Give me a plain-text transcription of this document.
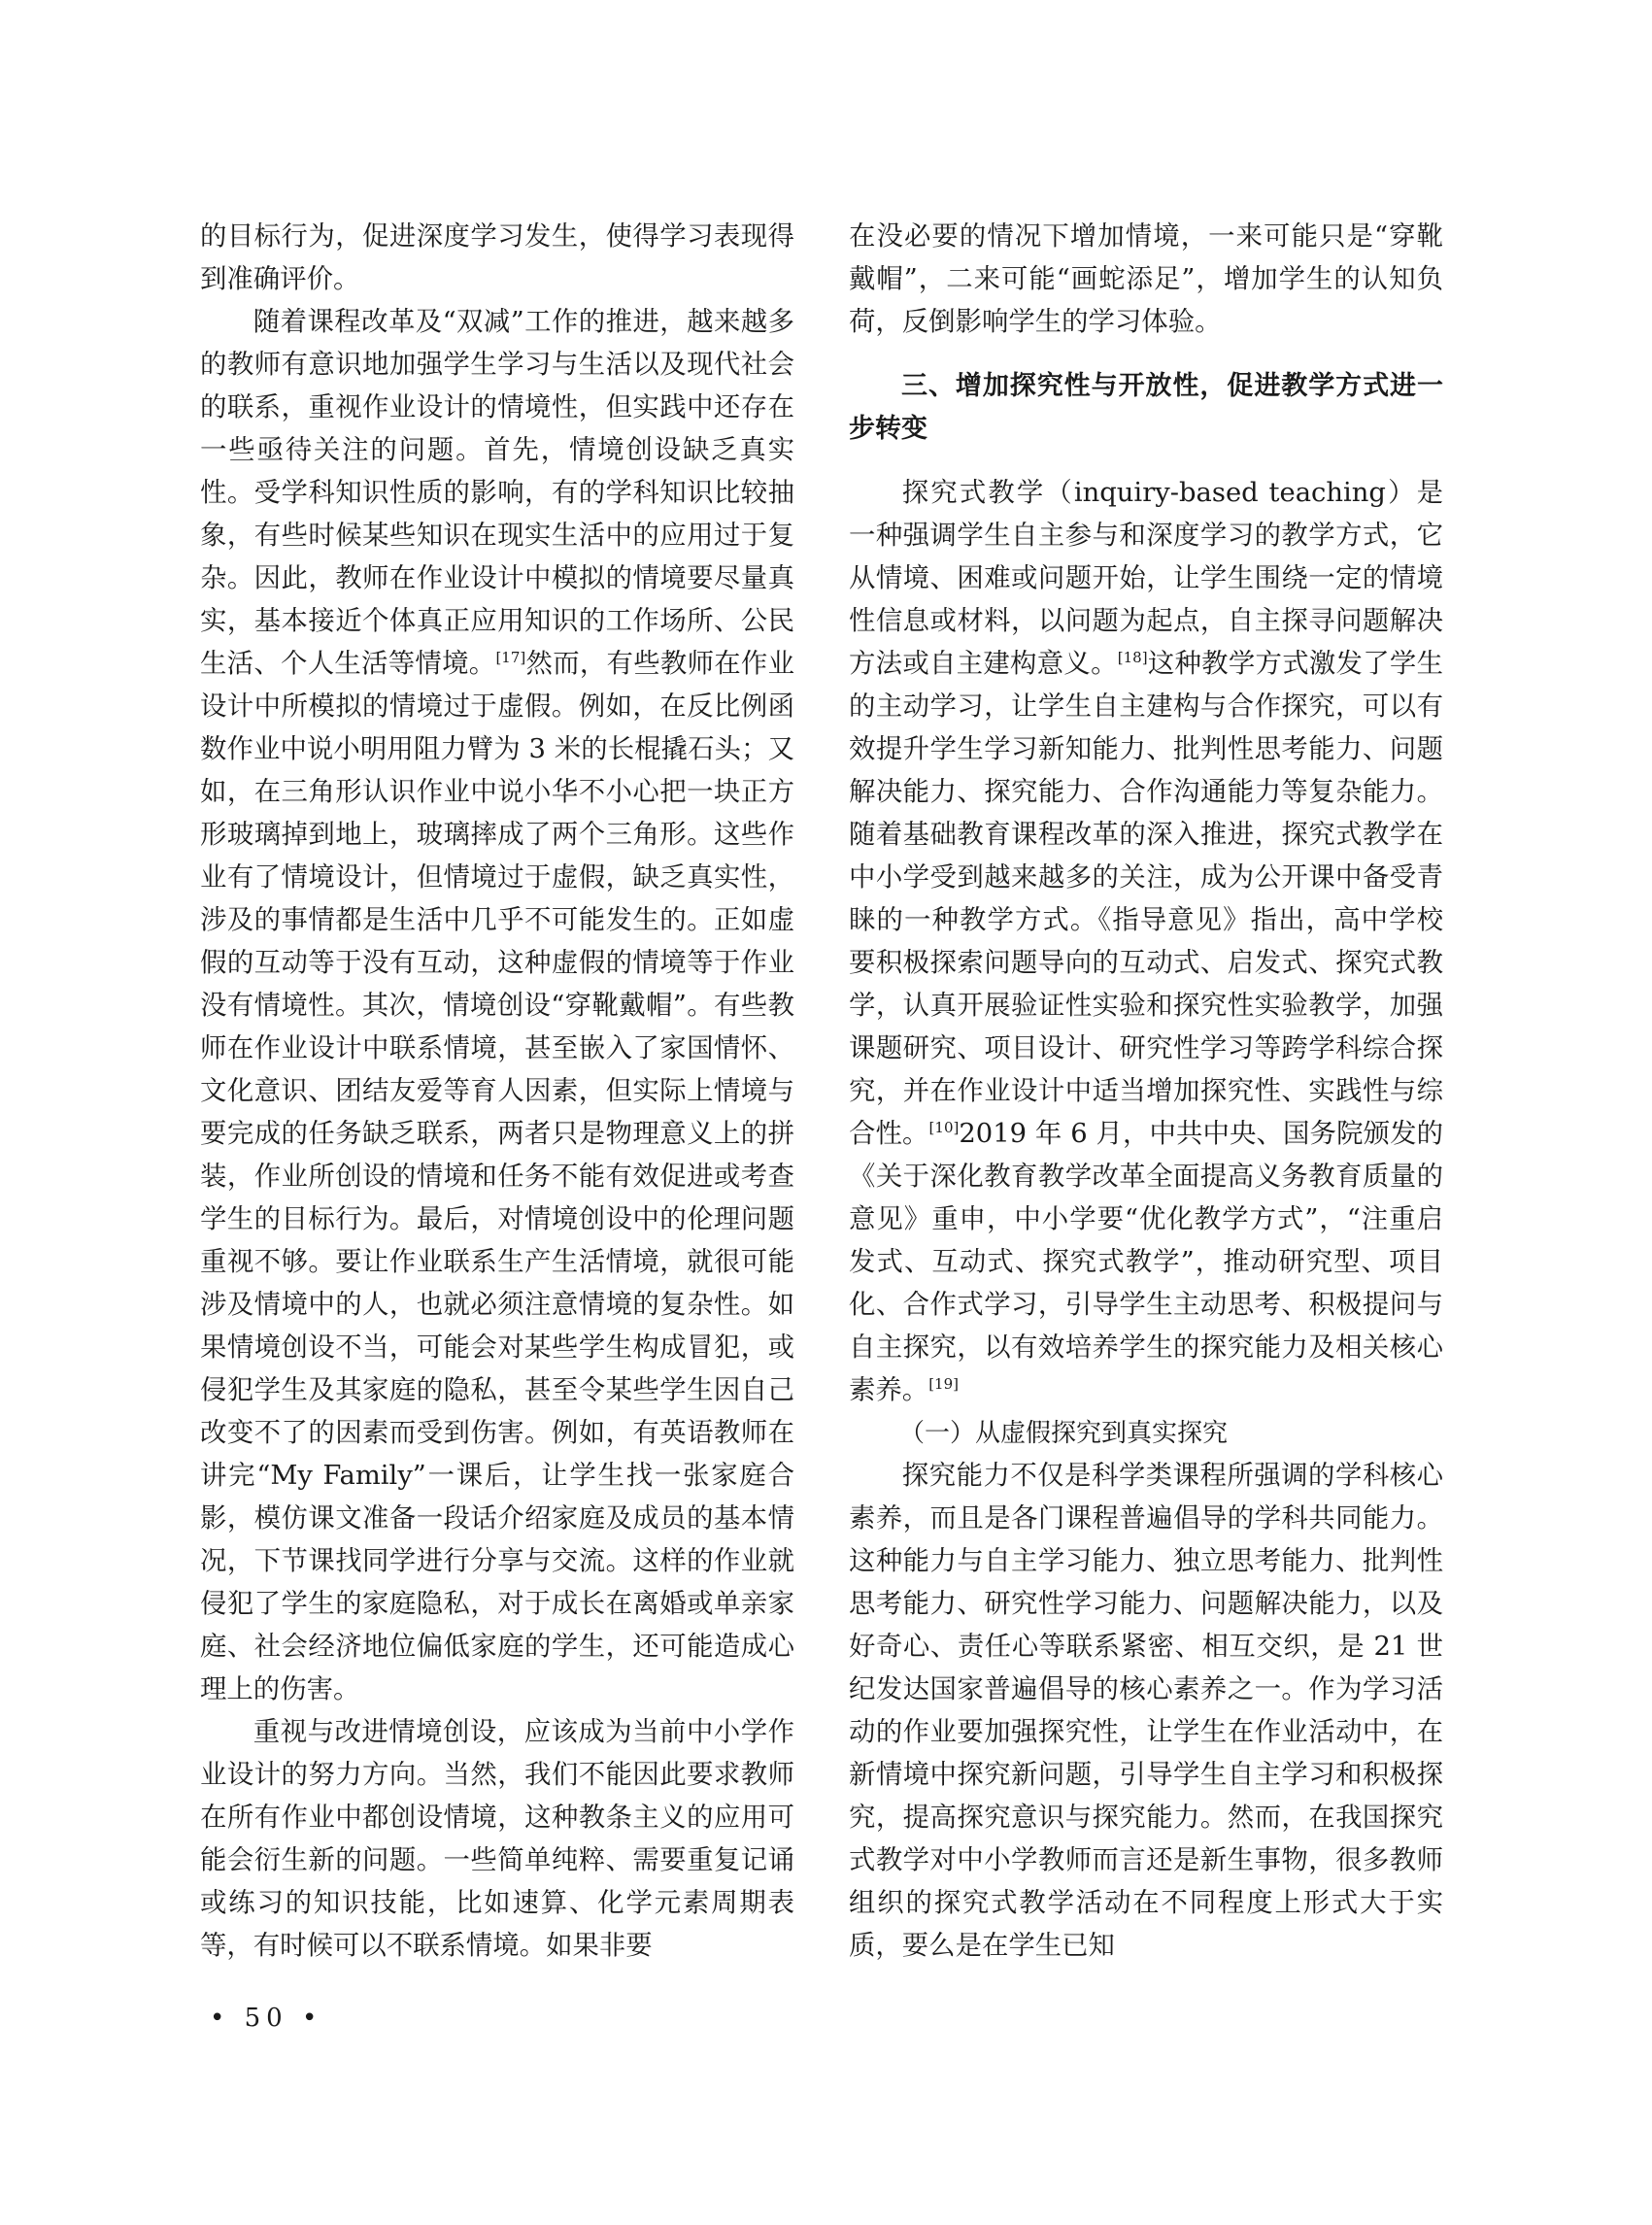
的目标行为，促进深度学习发生，使得学习表现得到准确评价。

随着课程改革及“双减”工作的推进，越来越多的教师有意识地加强学生学习与生活以及现代社会的联系，重视作业设计的情境性，但实践中还存在一些亟待关注的问题。首先，情境创设缺乏真实性。受学科知识性质的影响，有的学科知识比较抽象，有些时候某些知识在现实生活中的应用过于复杂。因此，教师在作业设计中模拟的情境要尽量真实，基本接近个体真正应用知识的工作场所、公民生活、个人生活等情境。[17]然而，有些教师在作业设计中所模拟的情境过于虚假。例如，在反比例函数作业中说小明用阻力臂为 3 米的长棍撬石头；又如，在三角形认识作业中说小华不小心把一块正方形玻璃掉到地上，玻璃摔成了两个三角形。这些作业有了情境设计，但情境过于虚假，缺乏真实性，涉及的事情都是生活中几乎不可能发生的。正如虚假的互动等于没有互动，这种虚假的情境等于作业没有情境性。其次，情境创设“穿靴戴帽”。有些教师在作业设计中联系情境，甚至嵌入了家国情怀、文化意识、团结友爱等育人因素，但实际上情境与要完成的任务缺乏联系，两者只是物理意义上的拼装，作业所创设的情境和任务不能有效促进或考查学生的目标行为。最后，对情境创设中的伦理问题重视不够。要让作业联系生产生活情境，就很可能涉及情境中的人，也就必须注意情境的复杂性。如果情境创设不当，可能会对某些学生构成冒犯，或侵犯学生及其家庭的隐私，甚至令某些学生因自己改变不了的因素而受到伤害。例如，有英语教师在讲完“My Family”一课后，让学生找一张家庭合影，模仿课文准备一段话介绍家庭及成员的基本情况，下节课找同学进行分享与交流。这样的作业就侵犯了学生的家庭隐私，对于成长在离婚或单亲家庭、社会经济地位偏低家庭的学生，还可能造成心理上的伤害。

重视与改进情境创设，应该成为当前中小学作业设计的努力方向。当然，我们不能因此要求教师在所有作业中都创设情境，这种教条主义的应用可能会衍生新的问题。一些简单纯粹、需要重复记诵或练习的知识技能，比如速算、化学元素周期表等，有时候可以不联系情境。如果非要

在没必要的情况下增加情境，一来可能只是“穿靴戴帽”，二来可能“画蛇添足”，增加学生的认知负荷，反倒影响学生的学习体验。

三、增加探究性与开放性，促进教学方式进一步转变

探究式教学（inquiry-based teaching）是一种强调学生自主参与和深度学习的教学方式，它从情境、困难或问题开始，让学生围绕一定的情境性信息或材料，以问题为起点，自主探寻问题解决方法或自主建构意义。[18]这种教学方式激发了学生的主动学习，让学生自主建构与合作探究，可以有效提升学生学习新知能力、批判性思考能力、问题解决能力、探究能力、合作沟通能力等复杂能力。随着基础教育课程改革的深入推进，探究式教学在中小学受到越来越多的关注，成为公开课中备受青睐的一种教学方式。《指导意见》指出，高中学校要积极探索问题导向的互动式、启发式、探究式教学，认真开展验证性实验和探究性实验教学，加强课题研究、项目设计、研究性学习等跨学科综合探究，并在作业设计中适当增加探究性、实践性与综合性。[10]2019 年 6 月，中共中央、国务院颁发的《关于深化教育教学改革全面提高义务教育质量的意见》重申，中小学要“优化教学方式”，“注重启发式、互动式、探究式教学”，推动研究型、项目化、合作式学习，引导学生主动思考、积极提问与自主探究，以有效培养学生的探究能力及相关核心素养。[19]

（一）从虚假探究到真实探究

探究能力不仅是科学类课程所强调的学科核心素养，而且是各门课程普遍倡导的学科共同能力。这种能力与自主学习能力、独立思考能力、批判性思考能力、研究性学习能力、问题解决能力，以及好奇心、责任心等联系紧密、相互交织，是 21 世纪发达国家普遍倡导的核心素养之一。作为学习活动的作业要加强探究性，让学生在作业活动中，在新情境中探究新问题，引导学生自主学习和积极探究，提高探究意识与探究能力。然而，在我国探究式教学对中小学教师而言还是新生事物，很多教师组织的探究式教学活动在不同程度上形式大于实质，要么是在学生已知

• 50 •
